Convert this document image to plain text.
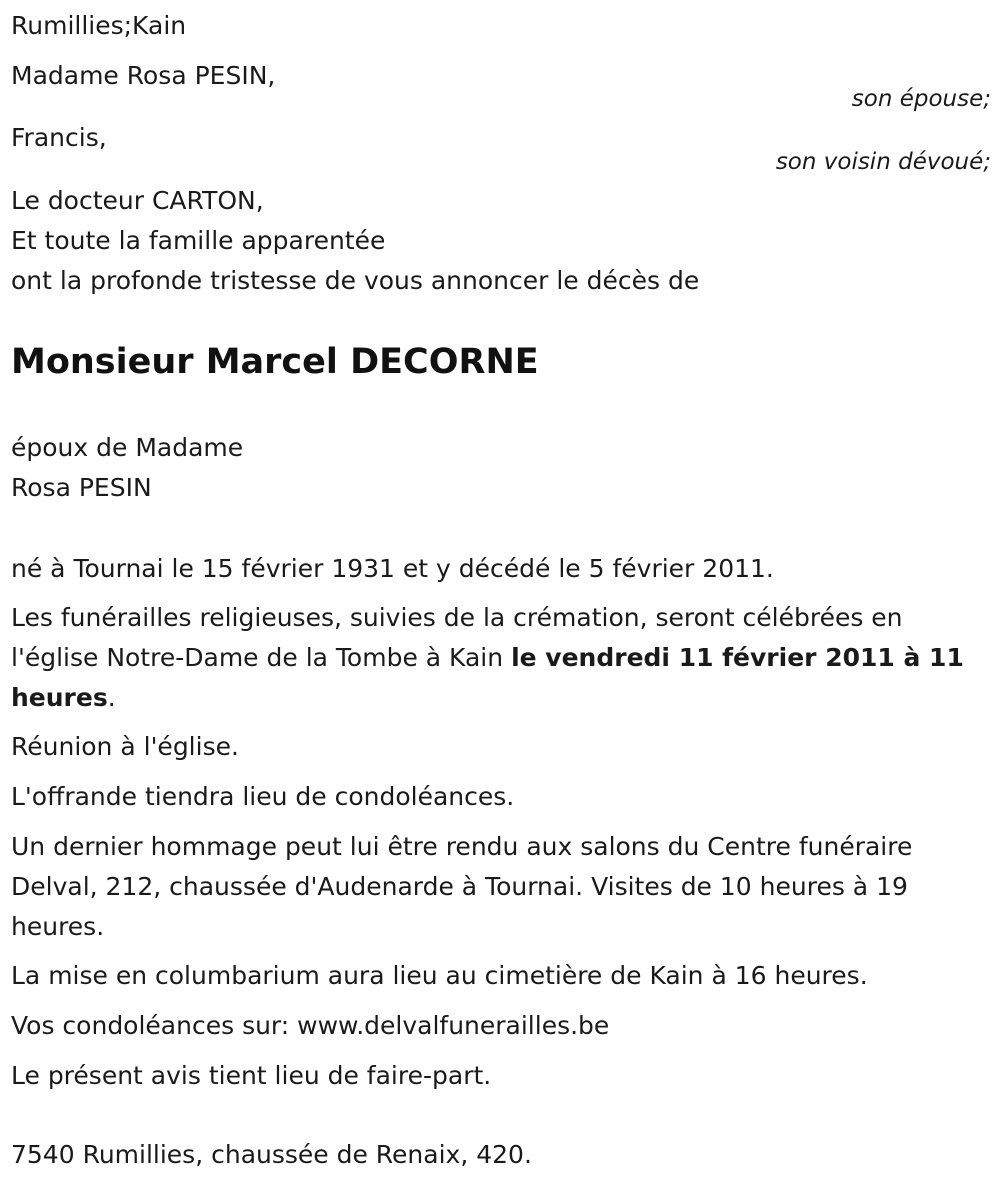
Rumillies;Kain
Madame Rosa PESIN,
son épouse;
Francis,
son voisin dévoué;
Le docteur CARTON,
Et toute la famille apparentée
ont la profonde tristesse de vous annoncer le décès de
Monsieur Marcel DECORNE
époux de Madame
Rosa PESIN
né à Tournai le 15 février 1931 et y décédé le 5 février 2011.
Les funérailles religieuses, suivies de la crémation, seront célébrées en l'église Notre-Dame de la Tombe à Kain le vendredi 11 février 2011 à 11 heures.
Réunion à l'église.
L'offrande tiendra lieu de condoléances.
Un dernier hommage peut lui être rendu aux salons du Centre funéraire Delval, 212, chaussée d'Audenarde à Tournai. Visites de 10 heures à 19 heures.
La mise en columbarium aura lieu au cimetière de Kain à 16 heures.
Vos condoléances sur: www.delvalfunerailles.be
Le présent avis tient lieu de faire-part.
7540 Rumillies, chaussée de Renaix, 420.
